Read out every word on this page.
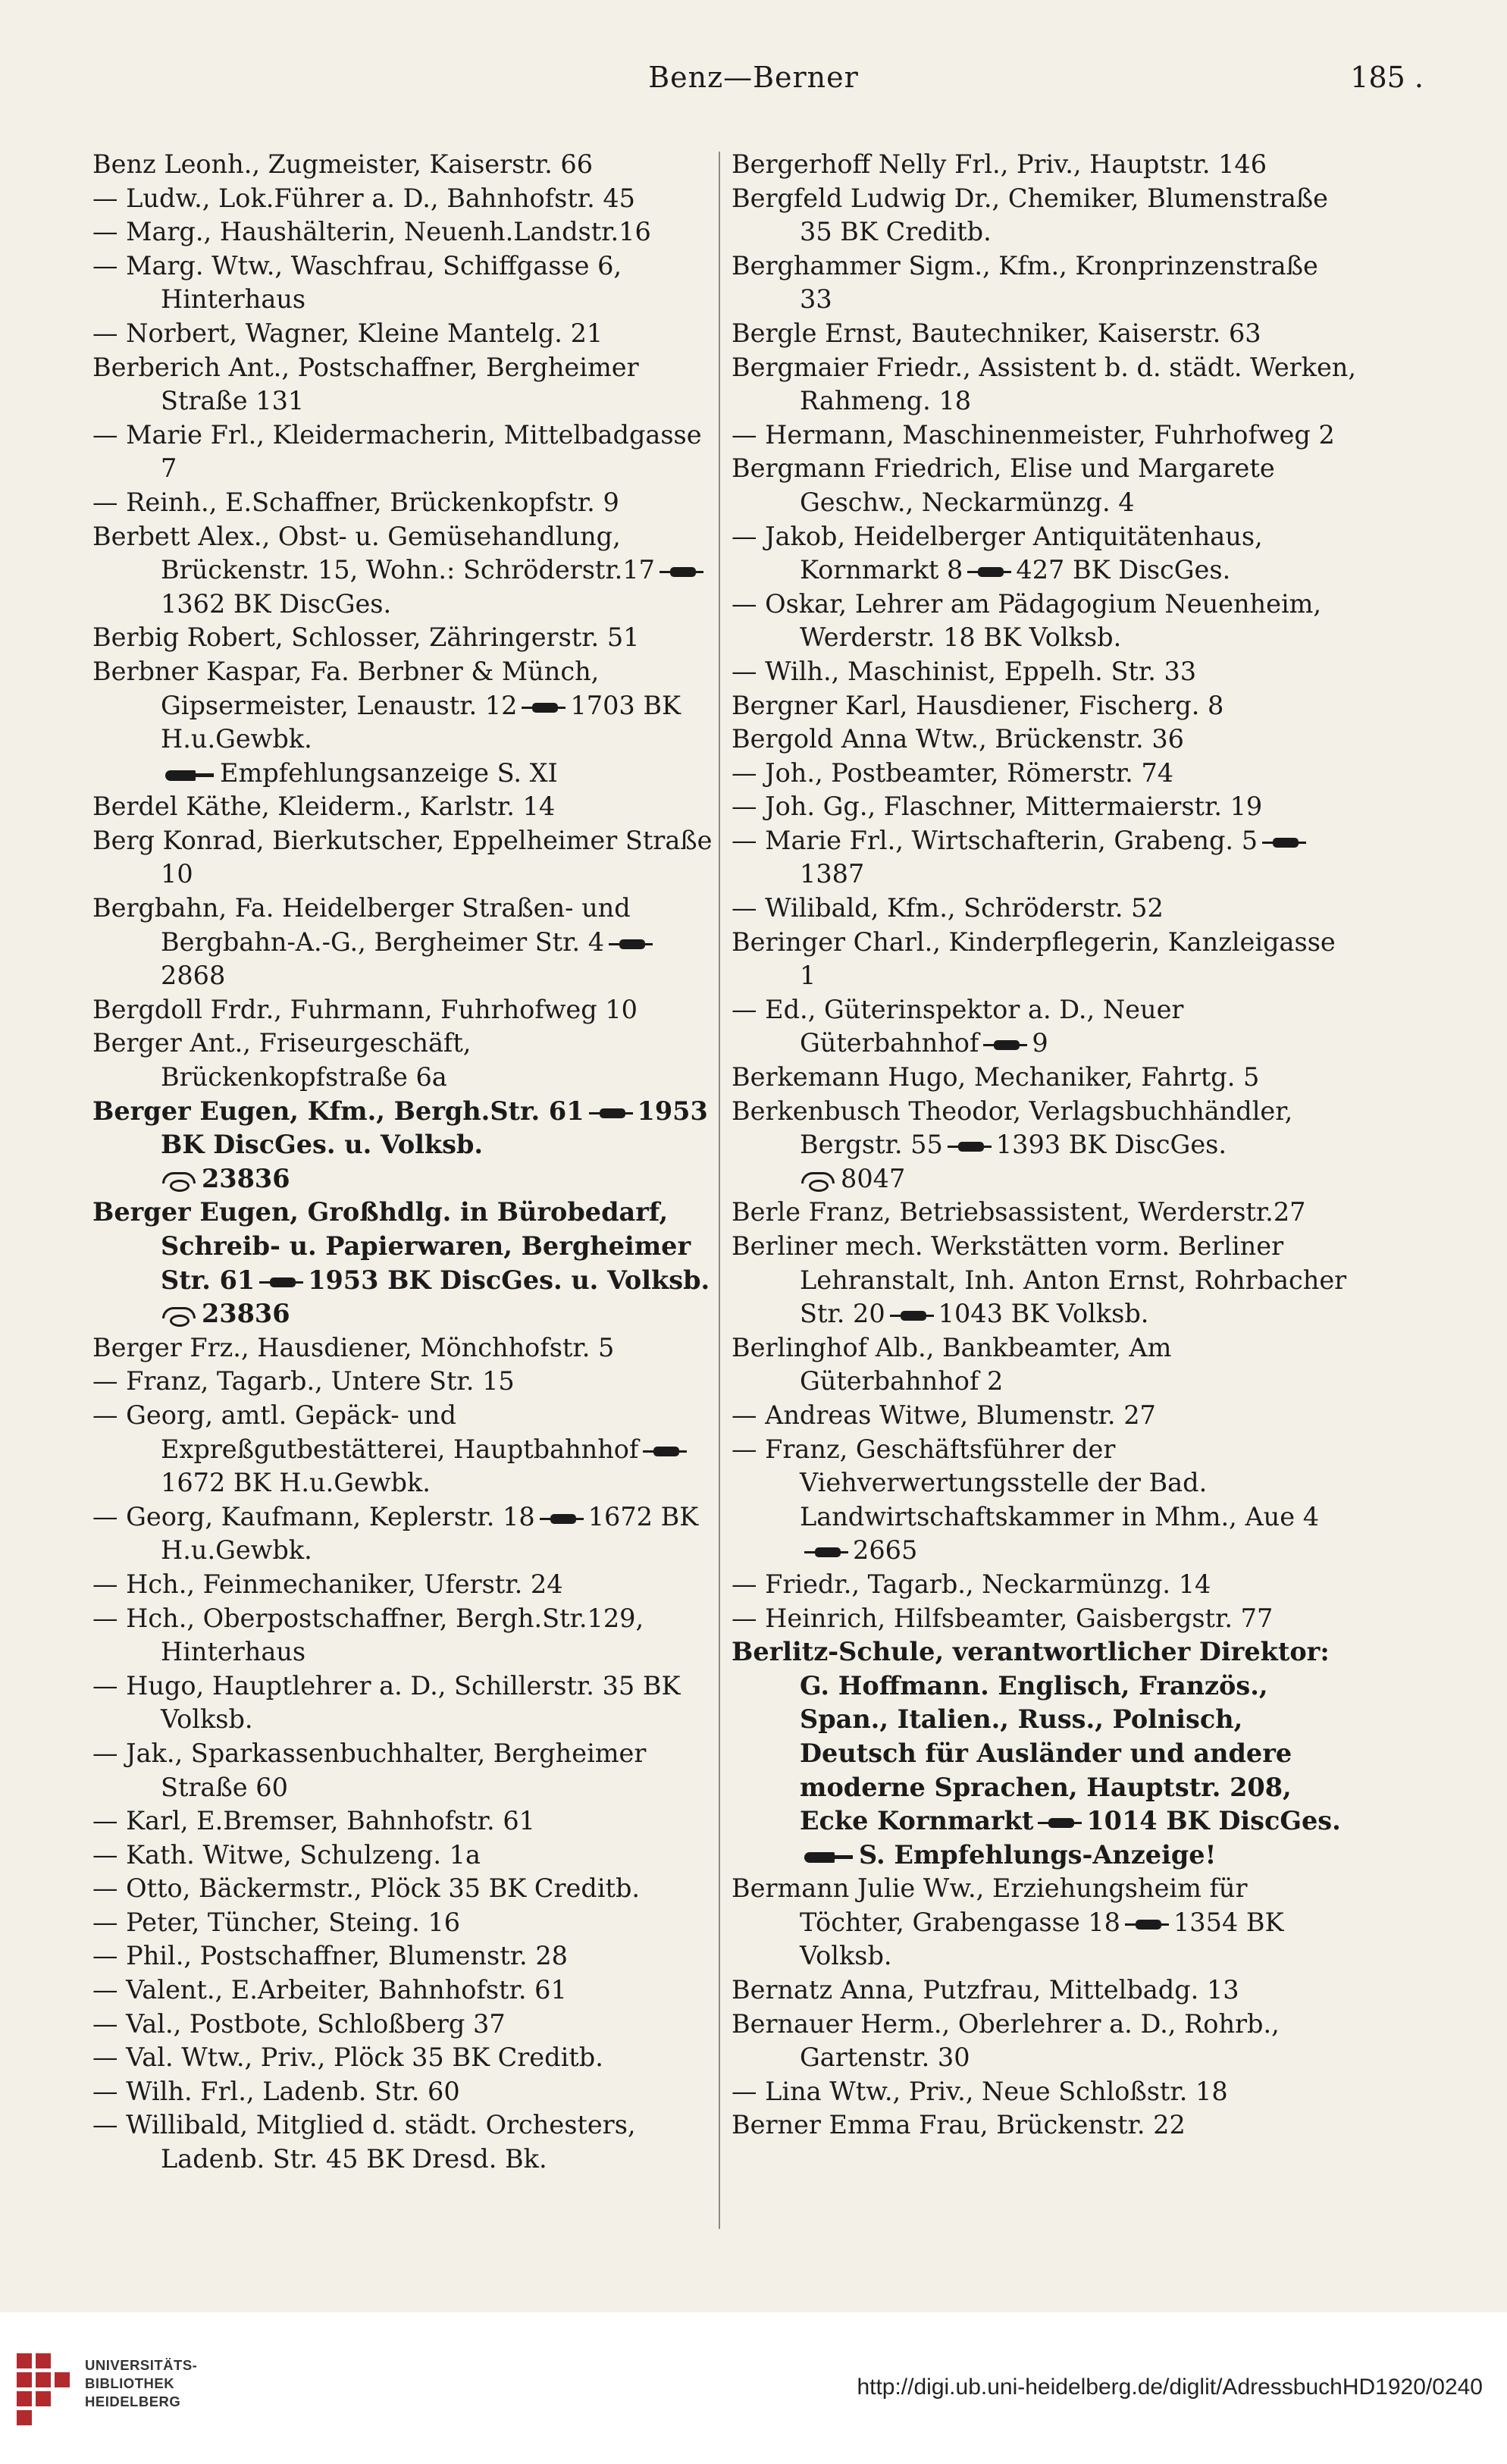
Benz—Berner	185 .
Benz Leonh., Zugmeister, Kaiserstr. 66
— Ludw., Lok.Führer a. D., Bahnhofstr. 45
— Marg., Haushälterin, Neuenh.Landstr.16
— Marg. Wtw., Waschfrau, Schiffgasse 6, Hinterhaus
— Norbert, Wagner, Kleine Mantelg. 21
Berberich Ant., Postschaffner, Bergheimer Straße 131
— Marie Frl., Kleidermacherin, Mittelbadgasse 7
— Reinh., E.Schaffner, Brückenkopfstr. 9
Berbett Alex., Obst- u. Gemüsehandlung, Brückenstr. 15, Wohn.: Schröderstr.171362 BK DiscGes.
Berbig Robert, Schlosser, Zähringerstr. 51
Berbner Kaspar, Fa. Berbner & Münch, Gipsermeister, Lenaustr. 12 1703 BK H.u.Gewbk.
Empfehlungsanzeige S. XI
Berdel Käthe, Kleiderm., Karlstr. 14
Berg Konrad, Bierkutscher, Eppelheimer Straße 10
Bergbahn, Fa. Heidelberger Straßen- und Bergbahn-A.-G., Bergheimer Str. 42868
Bergdoll Frdr., Fuhrmann, Fuhrhofweg 10
Berger Ant., Friseurgeschäft, Brückenkopfstraße 6a
Berger Eugen, Kfm., Bergh.Str. 61 1953 BK DiscGes. u. Volksb.
23836
Berger Eugen, Großhdlg. in Bürobedarf, Schreib- u. Papierwaren, Bergheimer Str. 61 1953 BK DiscGes. u. Volksb.
23836
Berger Frz., Hausdiener, Mönchhofstr. 5
— Franz, Tagarb., Untere Str. 15
— Georg, amtl. Gepäck- und Expreßgutbestätterei, Hauptbahnhof1672 BK H.u.Gewbk.
— Georg, Kaufmann, Keplerstr. 18 1672 BK H.u.Gewbk.
— Hch., Feinmechaniker, Uferstr. 24
— Hch., Oberpostschaffner, Bergh.Str.129, Hinterhaus
— Hugo, Hauptlehrer a. D., Schillerstr. 35 BK Volksb.
— Jak., Sparkassenbuchhalter, Bergheimer Straße 60
— Karl, E.Bremser, Bahnhofstr. 61
— Kath. Witwe, Schulzeng. 1a
— Otto, Bäckermstr., Plöck 35 BK Creditb.
— Peter, Tüncher, Steing. 16
— Phil., Postschaffner, Blumenstr. 28
— Valent., E.Arbeiter, Bahnhofstr. 61
— Val., Postbote, Schloßberg 37
— Val. Wtw., Priv., Plöck 35 BK Creditb.
— Wilh. Frl., Ladenb. Str. 60
— Willibald, Mitglied d. städt. Orchesters, Ladenb. Str. 45 BK Dresd. Bk.
Bergerhoff Nelly Frl., Priv., Hauptstr. 146
Bergfeld Ludwig Dr., Chemiker, Blumenstraße 35 BK Creditb.
Berghammer Sigm., Kfm., Kronprinzenstraße 33
Bergle Ernst, Bautechniker, Kaiserstr. 63
Bergmaier Friedr., Assistent b. d. städt. Werken, Rahmeng. 18
— Hermann, Maschinenmeister, Fuhrhofweg 2
Bergmann Friedrich, Elise und Margarete Geschw., Neckarmünzg. 4
— Jakob, Heidelberger Antiquitätenhaus, Kornmarkt 8 427 BK DiscGes.
— Oskar, Lehrer am Pädagogium Neuenheim, Werderstr. 18 BK Volksb.
— Wilh., Maschinist, Eppelh. Str. 33
Bergner Karl, Hausdiener, Fischerg. 8
Bergold Anna Wtw., Brückenstr. 36
— Joh., Postbeamter, Römerstr. 74
— Joh. Gg., Flaschner, Mittermaierstr. 19
— Marie Frl., Wirtschafterin, Grabeng. 51387
— Wilibald, Kfm., Schröderstr. 52
Beringer Charl., Kinderpflegerin, Kanzleigasse 1
— Ed., Güterinspektor a. D., Neuer Güterbahnhof 9
Berkemann Hugo, Mechaniker, Fahrtg. 5
Berkenbusch Theodor, Verlagsbuchhändler, Bergstr. 55 1393 BK DiscGes.
8047
Berle Franz, Betriebsassistent, Werderstr.27
Berliner mech. Werkstätten vorm. Berliner Lehranstalt, Inh. Anton Ernst, Rohrbacher Str. 20 1043 BK Volksb.
Berlinghof Alb., Bankbeamter, Am Güterbahnhof 2
— Andreas Witwe, Blumenstr. 27
— Franz, Geschäftsführer der Viehverwertungsstelle der Bad. Landwirtschaftskammer in Mhm., Aue 42665
— Friedr., Tagarb., Neckarmünzg. 14
— Heinrich, Hilfsbeamter, Gaisbergstr. 77
Berlitz-Schule, verantwortlicher Direktor: G. Hoffmann. Englisch, Französ., Span., Italien., Russ., Polnisch, Deutsch für Ausländer und andere moderne Sprachen, Hauptstr. 208, Ecke Kornmarkt 1014 BK DiscGes.
S. Empfehlungs-Anzeige!
Bermann Julie Ww., Erziehungsheim für Töchter, Grabengasse 18 1354 BK Volksb.
Bernatz Anna, Putzfrau, Mittelbadg. 13
Bernauer Herm., Oberlehrer a. D., Rohrb., Gartenstr. 30
— Lina Wtw., Priv., Neue Schloßstr. 18
Berner Emma Frau, Brückenstr. 22
UNIVERSITÄTS-
BIBLIOTHEK
HEIDELBERG
http://digi.ub.uni-heidelberg.de/diglit/AdressbuchHD1920/0240
